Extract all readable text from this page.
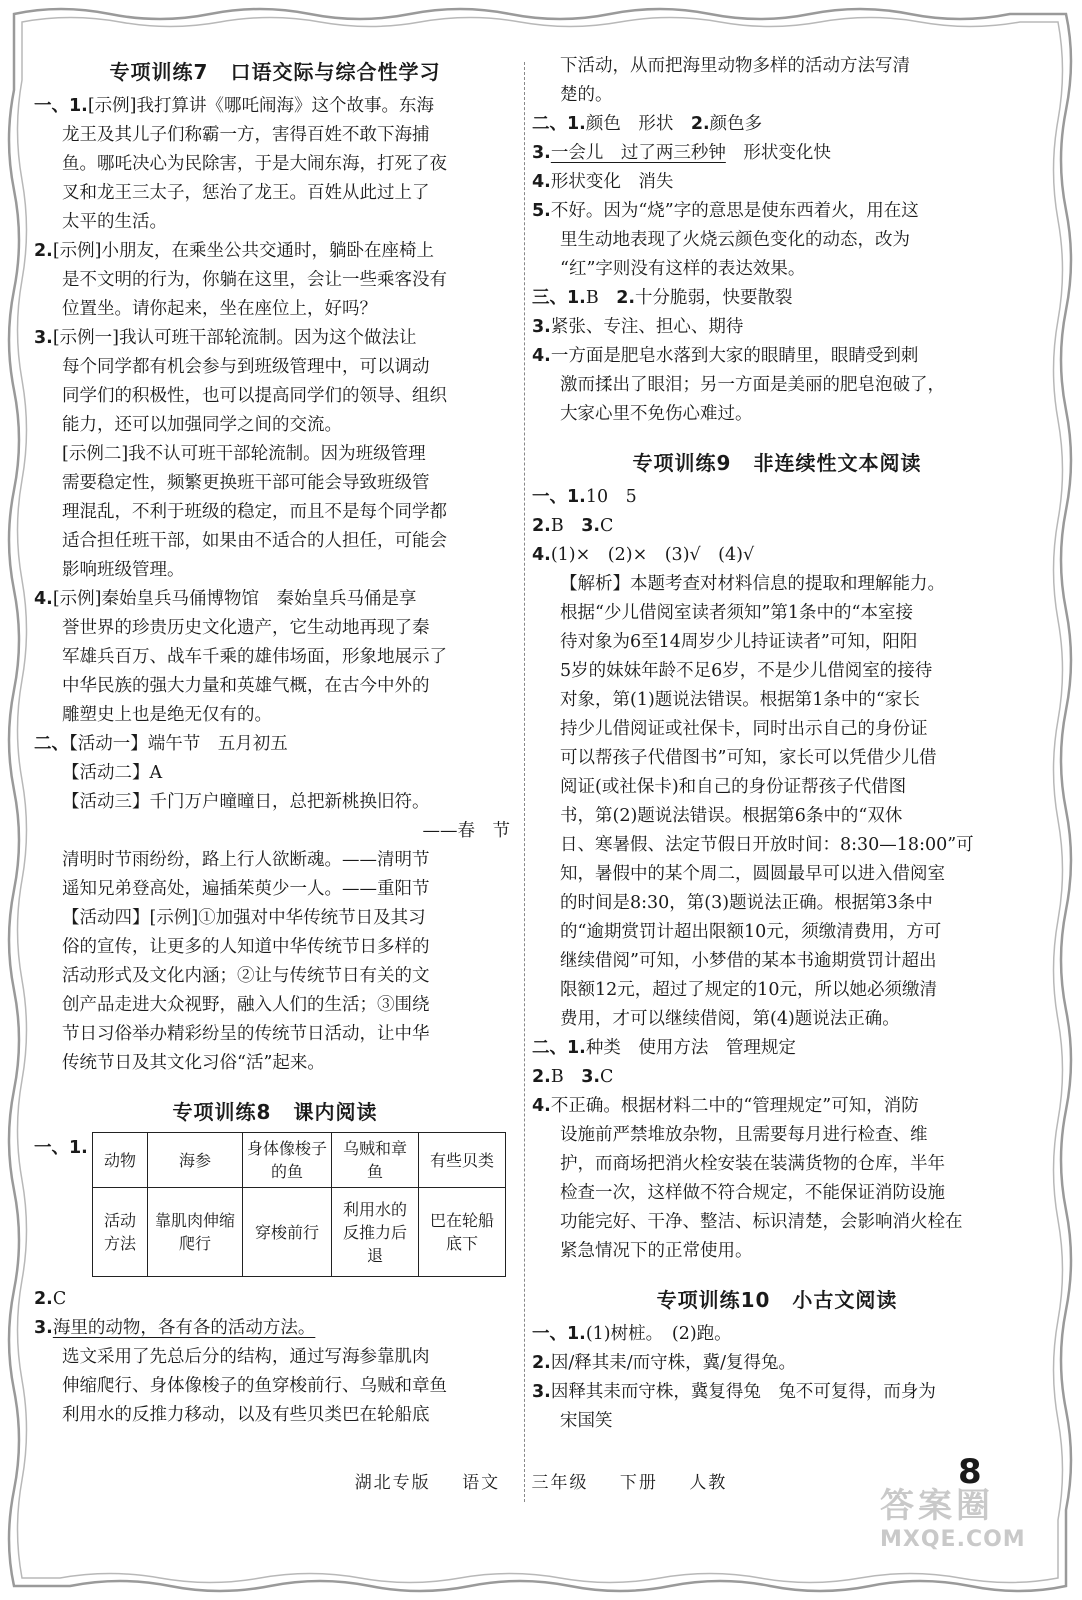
专项训练7 口语交际与综合性学习
一、1.[示例]我打算讲《哪吒闹海》这个故事。东海
龙王及其儿子们称霸一方，害得百姓不敢下海捕
鱼。哪吒决心为民除害，于是大闹东海，打死了夜
叉和龙王三太子，惩治了龙王。百姓从此过上了
太平的生活。
2.[示例]小朋友，在乘坐公共交通时，躺卧在座椅上
是不文明的行为，你躺在这里，会让一些乘客没有
位置坐。请你起来，坐在座位上，好吗？
3.[示例一]我认可班干部轮流制。因为这个做法让
每个同学都有机会参与到班级管理中，可以调动
同学们的积极性，也可以提高同学们的领导、组织
能力，还可以加强同学之间的交流。
[示例二]我不认可班干部轮流制。因为班级管理
需要稳定性，频繁更换班干部可能会导致班级管
理混乱，不利于班级的稳定，而且不是每个同学都
适合担任班干部，如果由不适合的人担任，可能会
影响班级管理。
4.[示例]秦始皇兵马俑博物馆　秦始皇兵马俑是享
誉世界的珍贵历史文化遗产，它生动地再现了秦
军雄兵百万、战车千乘的雄伟场面，形象地展示了
中华民族的强大力量和英雄气概，在古今中外的
雕塑史上也是绝无仅有的。
二、【活动一】端午节　五月初五
【活动二】A
【活动三】千门万户曈曈日，总把新桃换旧符。
——春　节
清明时节雨纷纷，路上行人欲断魂。——清明节
遥知兄弟登高处，遍插茱萸少一人。——重阳节
【活动四】[示例]①加强对中华传统节日及其习
俗的宣传，让更多的人知道中华传统节日多样的
活动形式及文化内涵；②让与传统节日有关的文
创产品走进大众视野，融入人们的生活；③围绕
节日习俗举办精彩纷呈的传统节日活动，让中华
传统节日及其文化习俗“活”起来。
专项训练8 课内阅读
一、1.
动物	海参	身体像梭子的鱼	乌贼和章鱼	有些贝类
活动方法	靠肌肉伸缩爬行	穿梭前行	利用水的反推力后退	巴在轮船底下
2.C
3.海里的动物，各有各的活动方法。
选文采用了先总后分的结构，通过写海参靠肌肉
伸缩爬行、身体像梭子的鱼穿梭前行、乌贼和章鱼
利用水的反推力移动，以及有些贝类巴在轮船底
下活动，从而把海里动物多样的活动方法写清
楚的。
二、1.颜色　形状　2.颜色多
3.一会儿　过了两三秒钟　形状变化快
4.形状变化　消失
5.不好。因为“烧”字的意思是使东西着火，用在这
里生动地表现了火烧云颜色变化的动态，改为
“红”字则没有这样的表达效果。
三、1.B　2.十分脆弱，快要散裂
3.紧张、专注、担心、期待
4.一方面是肥皂水落到大家的眼睛里，眼睛受到刺
激而揉出了眼泪；另一方面是美丽的肥皂泡破了，
大家心里不免伤心难过。
专项训练9 非连续性文本阅读
一、1.10　5
2.B　3.C
4.(1)×　(2)×　(3)√　(4)√
【解析】本题考查对材料信息的提取和理解能力。
根据“少儿借阅室读者须知”第1条中的“本室接
待对象为6至14周岁少儿持证读者”可知，阳阳
5岁的妹妹年龄不足6岁，不是少儿借阅室的接待
对象，第(1)题说法错误。根据第1条中的“家长
持少儿借阅证或社保卡，同时出示自己的身份证
可以帮孩子代借图书”可知，家长可以凭借少儿借
阅证(或社保卡)和自己的身份证帮孩子代借图
书，第(2)题说法错误。根据第6条中的“双休
日、寒暑假、法定节假日开放时间：8:30—18:00”可
知，暑假中的某个周二，圆圆最早可以进入借阅室
的时间是8:30，第(3)题说法正确。根据第3条中
的“逾期赏罚计超出限额10元，须缴清费用，方可
继续借阅”可知，小梦借的某本书逾期赏罚计超出
限额12元，超过了规定的10元，所以她必须缴清
费用，才可以继续借阅，第(4)题说法正确。
二、1.种类　使用方法　管理规定
2.B　3.C
4.不正确。根据材料二中的“管理规定”可知，消防
设施前严禁堆放杂物，且需要每月进行检查、维
护，而商场把消火栓安装在装满货物的仓库，半年
检查一次，这样做不符合规定，不能保证消防设施
功能完好、干净、整洁、标识清楚，会影响消火栓在
紧急情况下的正常使用。
专项训练10 小古文阅读
一、1.(1)树桩。　(2)跑。
2.因/释其耒/而守株，冀/复得兔。
3.因释其耒而守株，冀复得兔　兔不可复得，而身为
宋国笑
湖北专版 语文 三年级 下册 人教	8
答案圈
MXQE.COM
